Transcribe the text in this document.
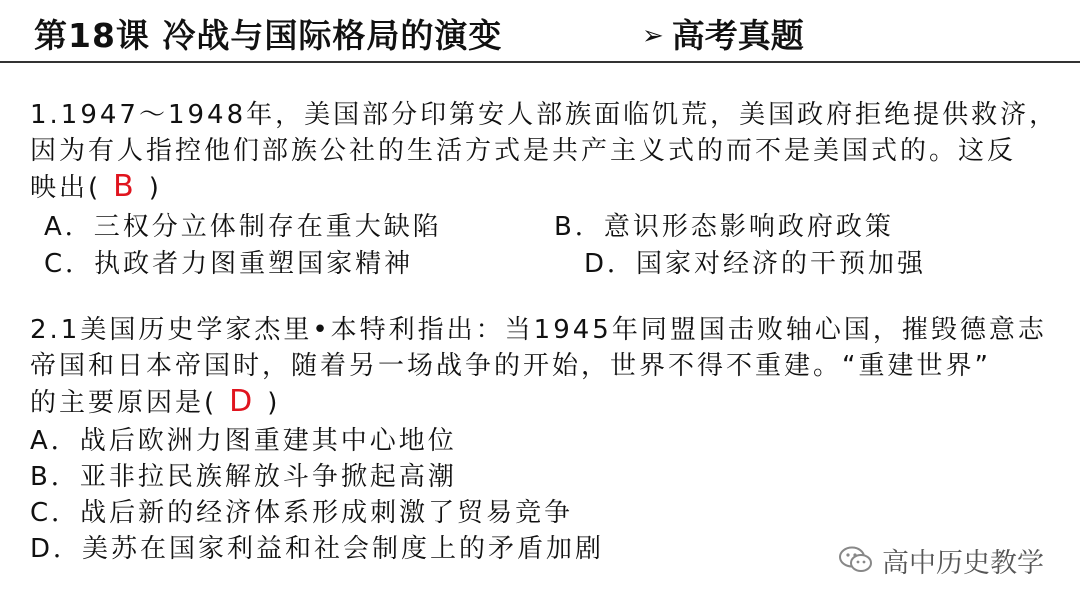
第18课 冷战与国际格局的演变	➢ 高考真题
1.1947～1948年，美国部分印第安人部族面临饥荒，美国政府拒绝提供救济，
因为有人指控他们部族公社的生活方式是共产主义式的而不是美国式的。这反
映出( B )
A．三权分立体制存在重大缺陷	B．意识形态影响政府政策
C．执政者力图重塑国家精神	D．国家对经济的干预加强
2.1美国历史学家杰里•本特利指出：当1945年同盟国击败轴心国，摧毁德意志
帝国和日本帝国时，随着另一场战争的开始，世界不得不重建。“重建世界”
的主要原因是( D )
A．战后欧洲力图重建其中心地位
B．亚非拉民族解放斗争掀起高潮
C．战后新的经济体系形成刺激了贸易竞争
D．美苏在国家利益和社会制度上的矛盾加剧	高中历史教学
